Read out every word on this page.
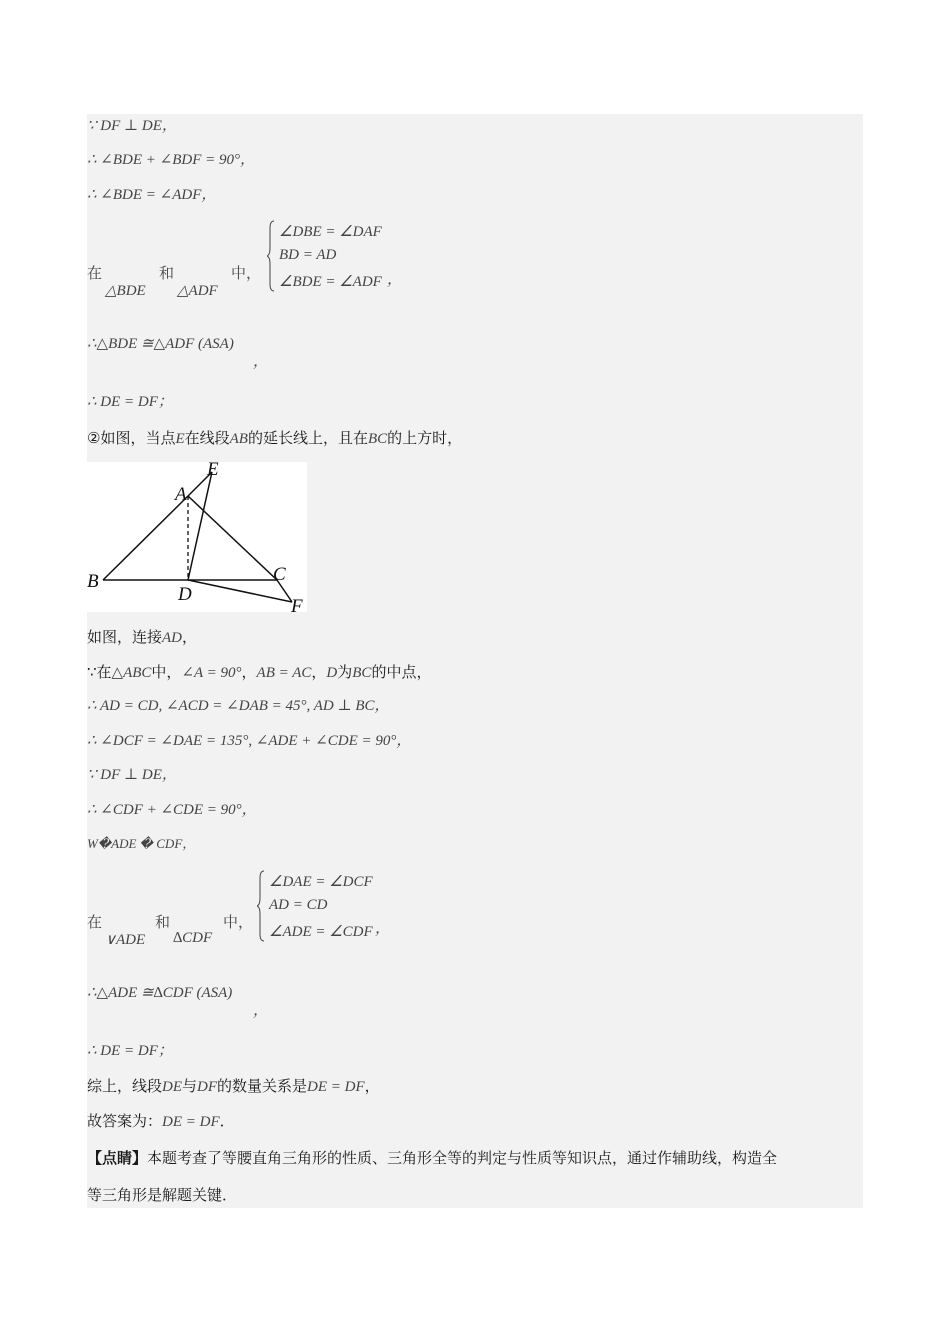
∵ DF ⊥ DE，
∴ ∠BDE + ∠BDF = 90°，
∴ ∠BDE = ∠ADF，
在
△BDE
和
△ADF
中，
∠DBE = ∠DAF
BD = AD
∠BDE = ∠ADF ，
∴△BDE ≅△ADF (ASA)
，
∴ DE = DF；
②如图，当点E在线段AB的延长线上，且在BC的上方时，
A
B	C
D
E
F
如图，连接AD，
∵在△ABC中，∠A = 90°，AB = AC，D为BC的中点，
∴ AD = CD, ∠ACD = ∠DAB = 45°, AD ⊥ BC，
∴ ∠DCF = ∠DAE = 135°, ∠ADE + ∠CDE = 90°，
∵ DF ⊥ DE，
∴ ∠CDF + ∠CDE = 90°，
W�ADE � CDF，
在
∨ADE
和
∆CDF
中，
∠DAE = ∠DCF
AD = CD
∠ADE = ∠CDF ，
∴△ADE ≅∆CDF (ASA)
，
∴ DE = DF；
综上，线段DE与DF的数量关系是DE = DF，
故答案为：DE = DF．
【点睛】本题考查了等腰直角三角形的性质、三角形全等的判定与性质等知识点，通过作辅助线，构造全
等三角形是解题关键．
